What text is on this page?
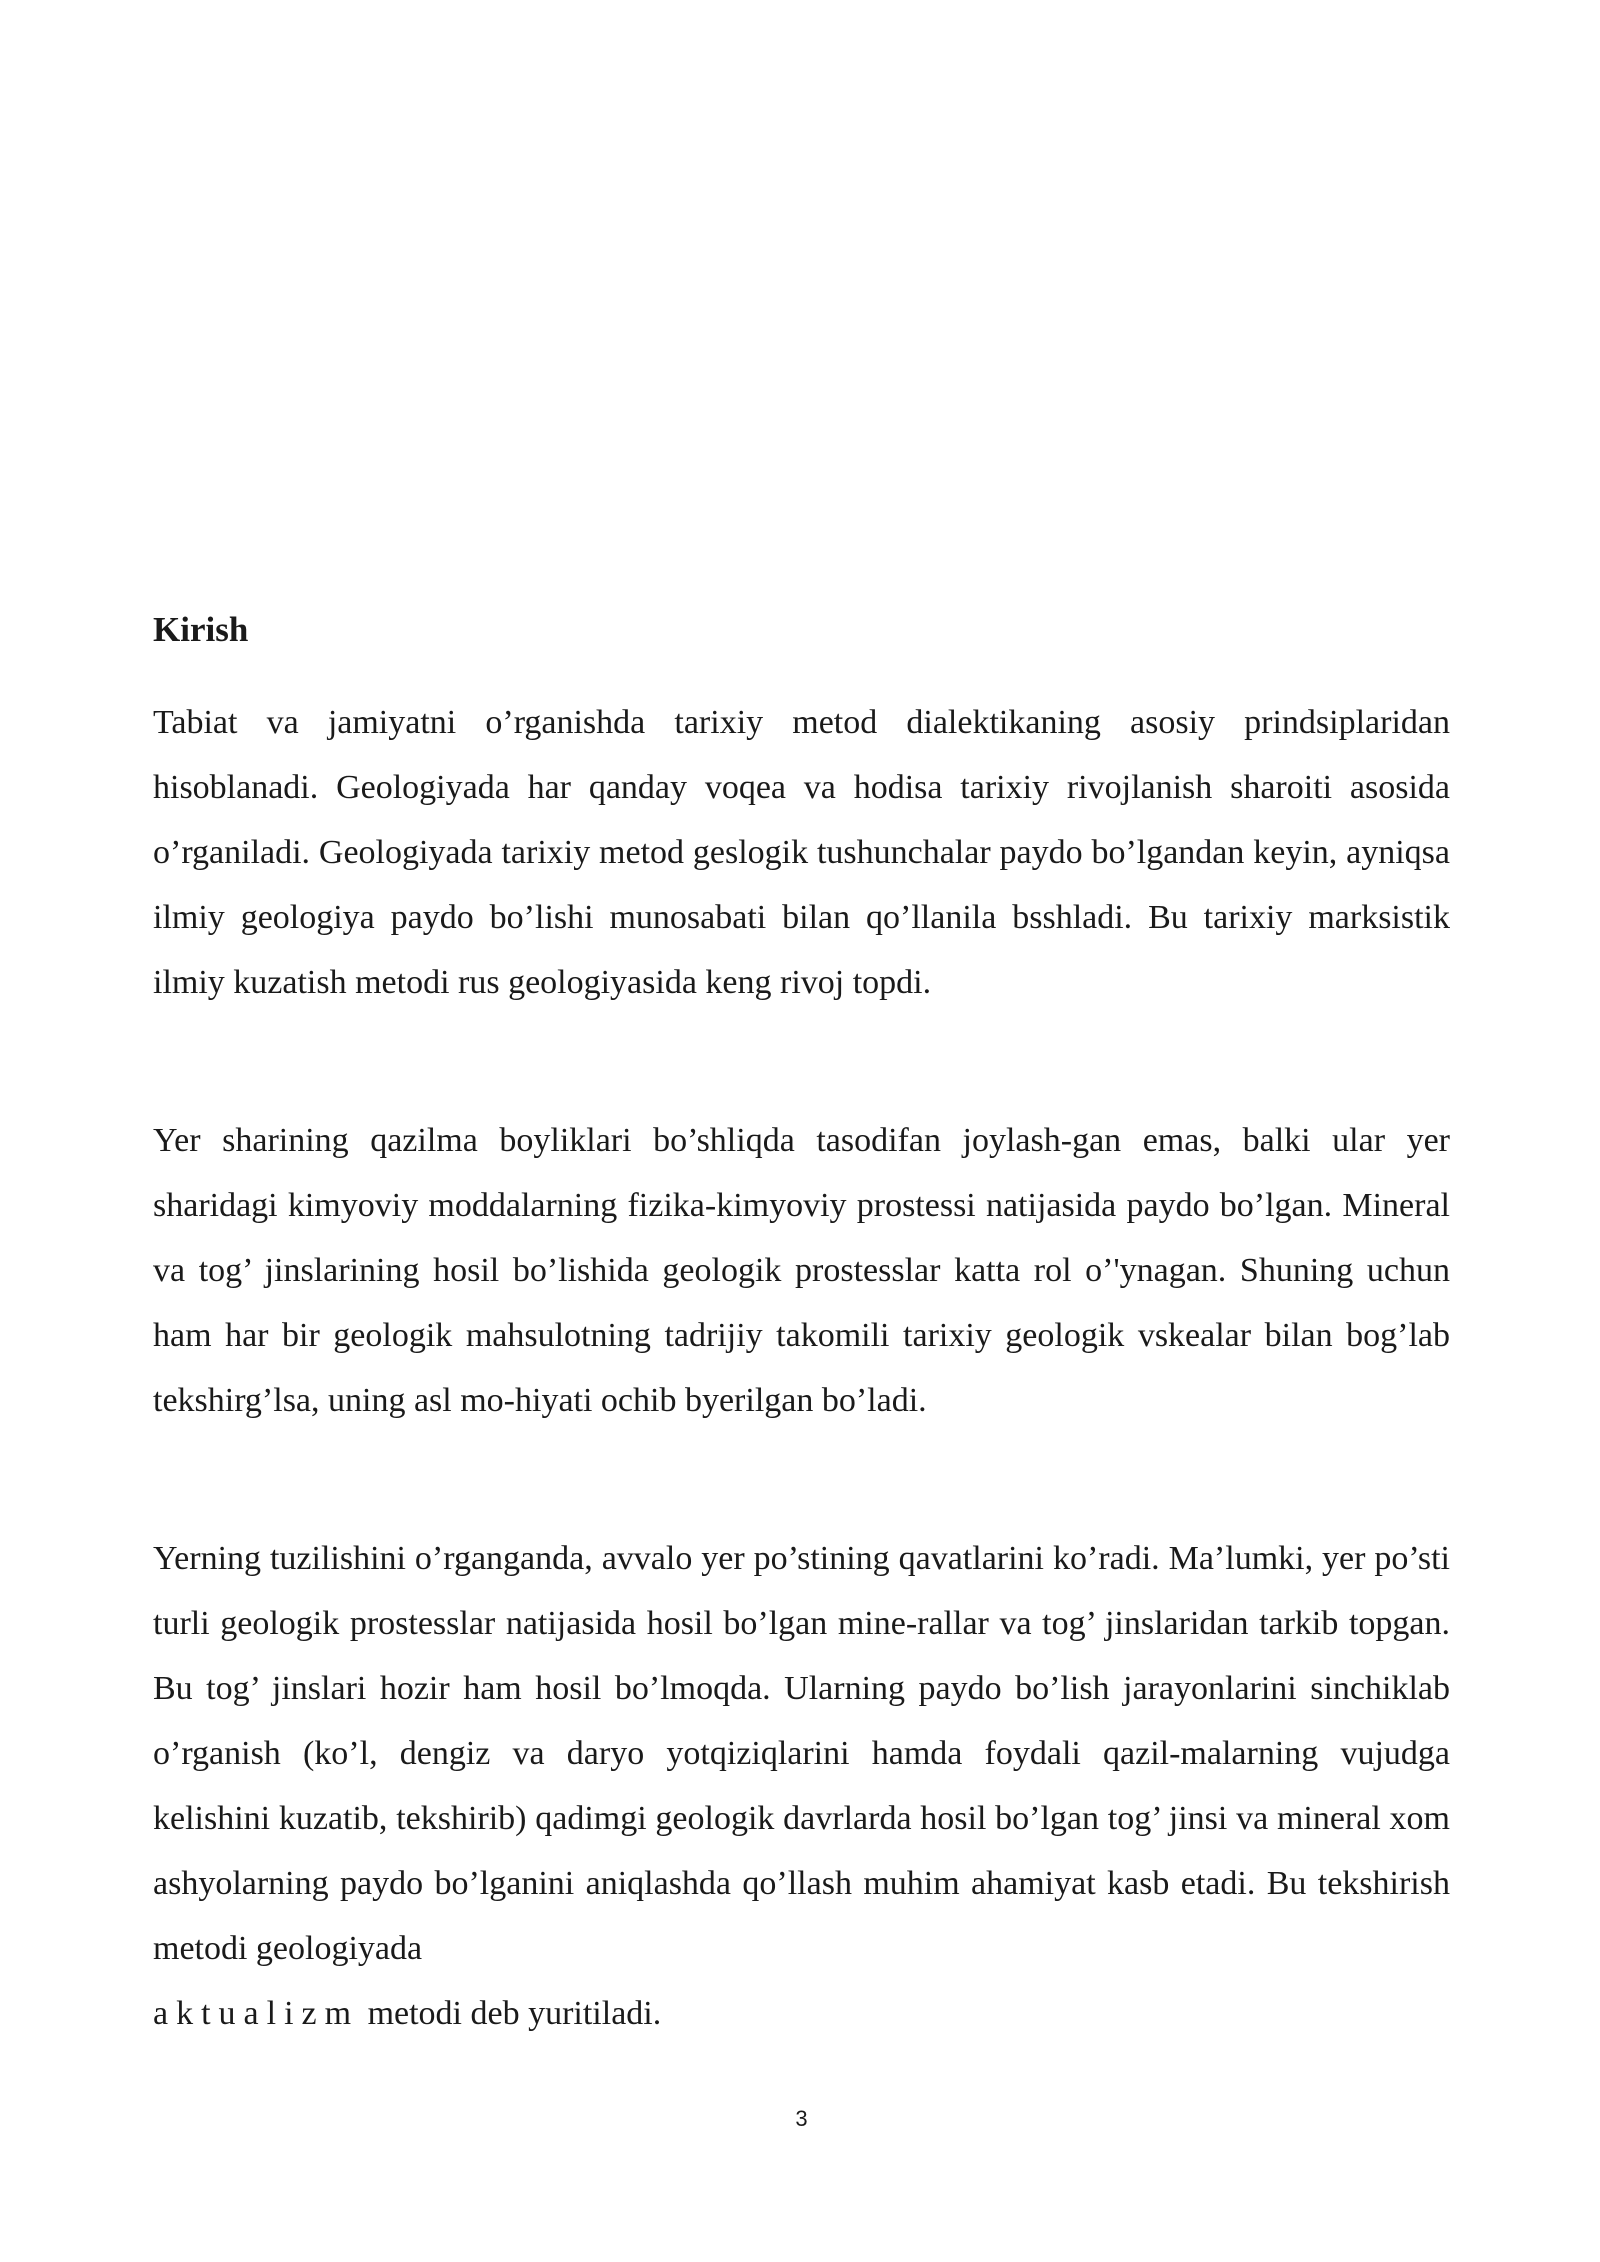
Kirish

Tabiat va jamiyatni o’rganishda tarixiy metod dialektikaning asosiy prindsiplaridan hisoblanadi. Geologiyada har qanday voqea va hodisa tarixiy rivojlanish sharoiti asosida o’rganiladi. Geologiyada tarixiy metod geslogik tushunchalar paydo bo’lgandan keyin, ayniqsa ilmiy geologiya paydo bo’lishi munosabati bilan qo’llanila bsshladi. Bu tarixiy marksistik ilmiy kuzatish metodi rus geologiyasida keng rivoj topdi.

Yer sharining qazilma boyliklari bo’shliqda tasodifan joylash-gan emas, balki ular yer sharidagi kimyoviy moddalarning fizika-kimyoviy prostessi natijasida paydo bo’lgan. Mineral va tog’ jinslarining hosil bo’lishida geologik prostesslar katta rol o’'ynagan. Shuning uchun ham har bir geologik mahsulotning tadrijiy takomili tarixiy geologik vskealar bilan bog’lab tekshirg’lsa, uning asl mo-hiyati ochib byerilgan bo’ladi.

Yerning tuzilishini o’rganganda, avvalo yer po’stining qavatlarini ko’radi. Ma’lumki, yer po’sti turli geologik prostesslar natijasida hosil bo’lgan mine-rallar va tog’ jinslaridan tarkib topgan. Bu tog’ jinslari hozir ham hosil bo’lmoqda. Ularning paydo bo’lish jarayonlarini sinchiklab o’rganish (ko’l, dengiz va daryo yotqiziqlarini hamda foydali qazil-malarning vujudga kelishini kuzatib, tekshirib) qadimgi geologik davrlarda hosil bo’lgan tog’ jinsi va mineral xom ashyolarning paydo bo’lganini aniqlashda qo’llash muhim ahamiyat kasb etadi. Bu tekshirish metodi geologiyada
aktualizm metodi deb yuritiladi.
3
